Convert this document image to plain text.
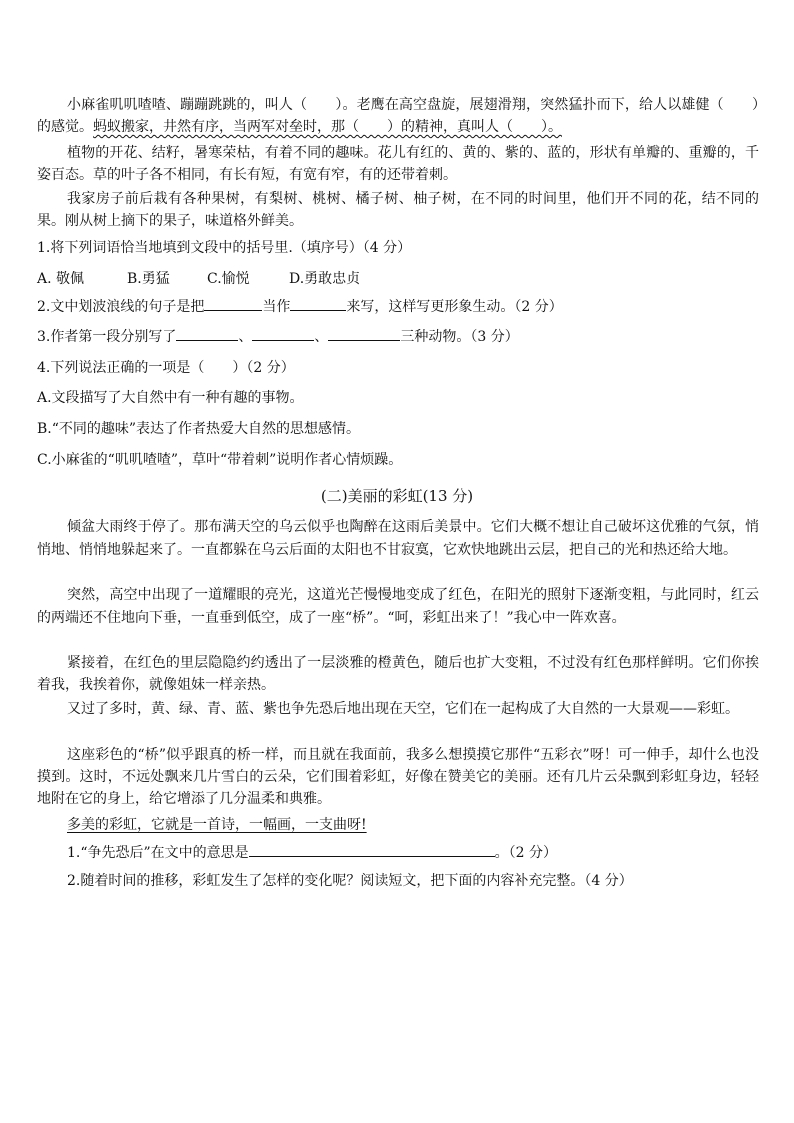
小麻雀叽叽喳喳、蹦蹦跳跳的，叫人（　　）。老鹰在高空盘旋，展翅滑翔，突然猛扑而下，给人以雄健（　　）的感觉。蚂蚁搬家，井然有序，当两军对垒时，那（　　）的精神，真叫人（　　）。

植物的开花、结籽，暑寒荣枯，有着不同的趣味。花儿有红的、黄的、紫的、蓝的，形状有单瓣的、重瓣的，千姿百态。草的叶子各不相同，有长有短，有宽有窄，有的还带着刺。

我家房子前后栽有各种果树，有梨树、桃树、橘子树、柚子树，在不同的时间里，他们开不同的花，结不同的果。刚从树上摘下的果子，味道格外鲜美。

1.将下列词语恰当地填到文段中的括号里.（填序号）（4 分）

A. 敬佩	B.勇猛	C.愉悦	D.勇敢忠贞

2.文中划波浪线的句子是把	当作	来写，这样写更形象生动。（2 分）

3.作者第一段分别写了	、	、	三种动物。（3 分）

4.下列说法正确的一项是（　　）（2 分）

A.文段描写了大自然中有一种有趣的事物。

B.“不同的趣味”表达了作者热爱大自然的思想感情。

C.小麻雀的“叽叽喳喳”，草叶“带着刺”说明作者心情烦躁。

(二)美丽的彩虹(13 分)

倾盆大雨终于停了。那布满天空的乌云似乎也陶醉在这雨后美景中。它们大概不想让自己破坏这优雅的气氛，悄悄地、悄悄地躲起来了。一直都躲在乌云后面的太阳也不甘寂寞，它欢快地跳出云层，把自己的光和热还给大地。

突然，高空中出现了一道耀眼的亮光，这道光芒慢慢地变成了红色，在阳光的照射下逐渐变粗，与此同时，红云的两端还不住地向下垂，一直垂到低空，成了一座“桥”。“呵，彩虹出来了！”我心中一阵欢喜。

紧接着，在红色的里层隐隐约约透出了一层淡雅的橙黄色，随后也扩大变粗，不过没有红色那样鲜明。它们你挨着我，我挨着你，就像姐妹一样亲热。

又过了多时，黄、绿、青、蓝、紫也争先恐后地出现在天空，它们在一起构成了大自然的一大景观——彩虹。

这座彩色的“桥”似乎跟真的桥一样，而且就在我面前，我多么想摸摸它那件“五彩衣”呀！可一伸手，却什么也没摸到。这时，不远处飘来几片雪白的云朵，它们围着彩虹，好像在赞美它的美丽。还有几片云朵飘到彩虹身边，轻轻地附在它的身上，给它增添了几分温柔和典雅。

多美的彩虹，它就是一首诗，一幅画，一支曲呀!

1.“争先恐后”在文中的意思是	。（2 分）

2.随着时间的推移，彩虹发生了怎样的变化呢？阅读短文，把下面的内容补充完整。（4 分）
